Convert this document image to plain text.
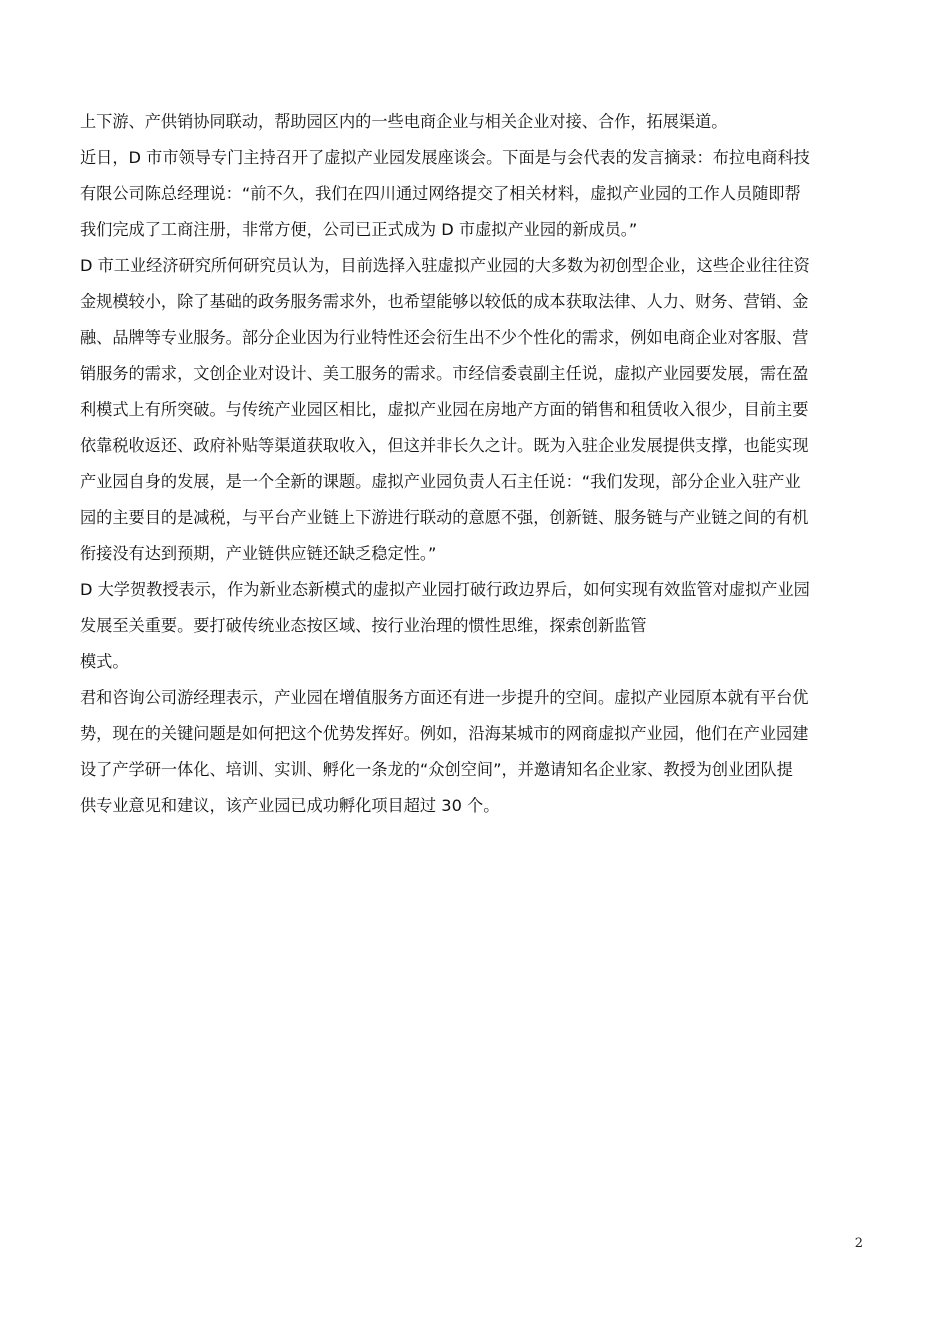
上下游、产供销协同联动，帮助园区内的一些电商企业与相关企业对接、合作，拓展渠道。

近日，D 市市领导专门主持召开了虚拟产业园发展座谈会。下面是与会代表的发言摘录：布拉电商科技

有限公司陈总经理说：“前不久，我们在四川通过网络提交了相关材料，虚拟产业园的工作人员随即帮

我们完成了工商注册，非常方便，公司已正式成为 D 市虚拟产业园的新成员。”

D 市工业经济研究所何研究员认为，目前选择入驻虚拟产业园的大多数为初创型企业，这些企业往往资

金规模较小，除了基础的政务服务需求外，也希望能够以较低的成本获取法律、人力、财务、营销、金

融、品牌等专业服务。部分企业因为行业特性还会衍生出不少个性化的需求，例如电商企业对客服、营

销服务的需求，文创企业对设计、美工服务的需求。市经信委袁副主任说，虚拟产业园要发展，需在盈

利模式上有所突破。与传统产业园区相比，虚拟产业园在房地产方面的销售和租赁收入很少，目前主要

依靠税收返还、政府补贴等渠道获取收入，但这并非长久之计。既为入驻企业发展提供支撑，也能实现

产业园自身的发展，是一个全新的课题。虚拟产业园负责人石主任说：“我们发现，部分企业入驻产业

园的主要目的是减税，与平台产业链上下游进行联动的意愿不强，创新链、服务链与产业链之间的有机

衔接没有达到预期，产业链供应链还缺乏稳定性。”

D 大学贺教授表示，作为新业态新模式的虚拟产业园打破行政边界后，如何实现有效监管对虚拟产业园

发展至关重要。要打破传统业态按区域、按行业治理的惯性思维，探索创新监管

模式。

君和咨询公司游经理表示，产业园在增值服务方面还有进一步提升的空间。虚拟产业园原本就有平台优

势，现在的关键问题是如何把这个优势发挥好。例如，沿海某城市的网商虚拟产业园，他们在产业园建

设了产学研一体化、培训、实训、孵化一条龙的“众创空间”，并邀请知名企业家、教授为创业团队提

供专业意见和建议，该产业园已成功孵化项目超过 30 个。

2
